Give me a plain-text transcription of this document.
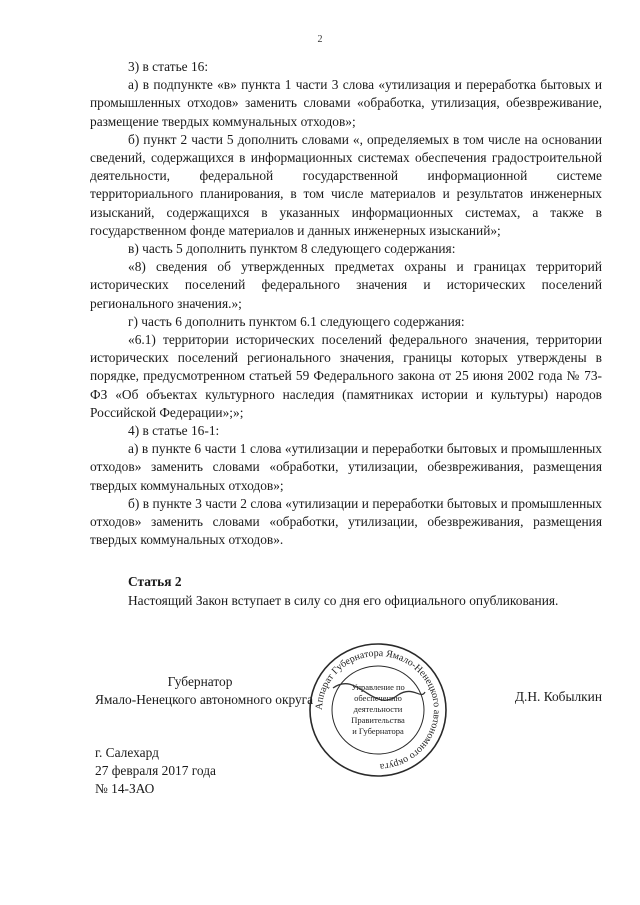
2

3) в статье 16:

а) в подпункте «в» пункта 1 части 3 слова «утилизация и переработка бытовых и промышленных отходов» заменить словами «обработка, утилизация, обезвреживание, размещение твердых коммунальных отходов»;

б) пункт 2 части 5 дополнить словами «, определяемых в том числе на основании сведений, содержащихся в информационных системах обеспечения градостроительной деятельности, федеральной государственной информационной системе территориального планирования, в том числе материалов и результатов инженерных изысканий, содержащихся в указанных информационных системах, а также в государственном фонде материалов и данных инженерных изысканий»;

в) часть 5 дополнить пунктом 8 следующего содержания:

«8) сведения об утвержденных предметах охраны и границах территорий исторических поселений федерального значения и исторических поселений регионального значения.»;

г) часть 6 дополнить пунктом 6.1 следующего содержания:

«6.1) территории исторических поселений федерального значения, территории исторических поселений регионального значения, границы которых утверждены в порядке, предусмотренном статьей 59 Федерального закона от 25 июня 2002 года № 73-ФЗ «Об объектах культурного наследия (памятниках истории и культуры) народов Российской Федерации»;»;

4) в статье 16-1:

а) в пункте 6 части 1 слова «утилизации и переработки бытовых и промышленных отходов» заменить словами «обработки, утилизации, обезвреживания, размещения твердых коммунальных отходов»;

б) в пункте 3 части 2 слова «утилизации и переработки бытовых и промышленных отходов» заменить словами «обработки, утилизации, обезвреживания, размещения твердых коммунальных отходов».

Статья 2

Настоящий Закон вступает в силу со дня его официального опубликования.

Губернатор
Ямало-Ненецкого автономного округа Аппарат Губернатора Ямало-Ненецкого автономного округа
Управление по
обеспечению
деятельности
Правительства
и Губернатора
Д.Н. Кобылкин
г. Салехард
27 февраля 2017 года
№ 14-ЗАО
